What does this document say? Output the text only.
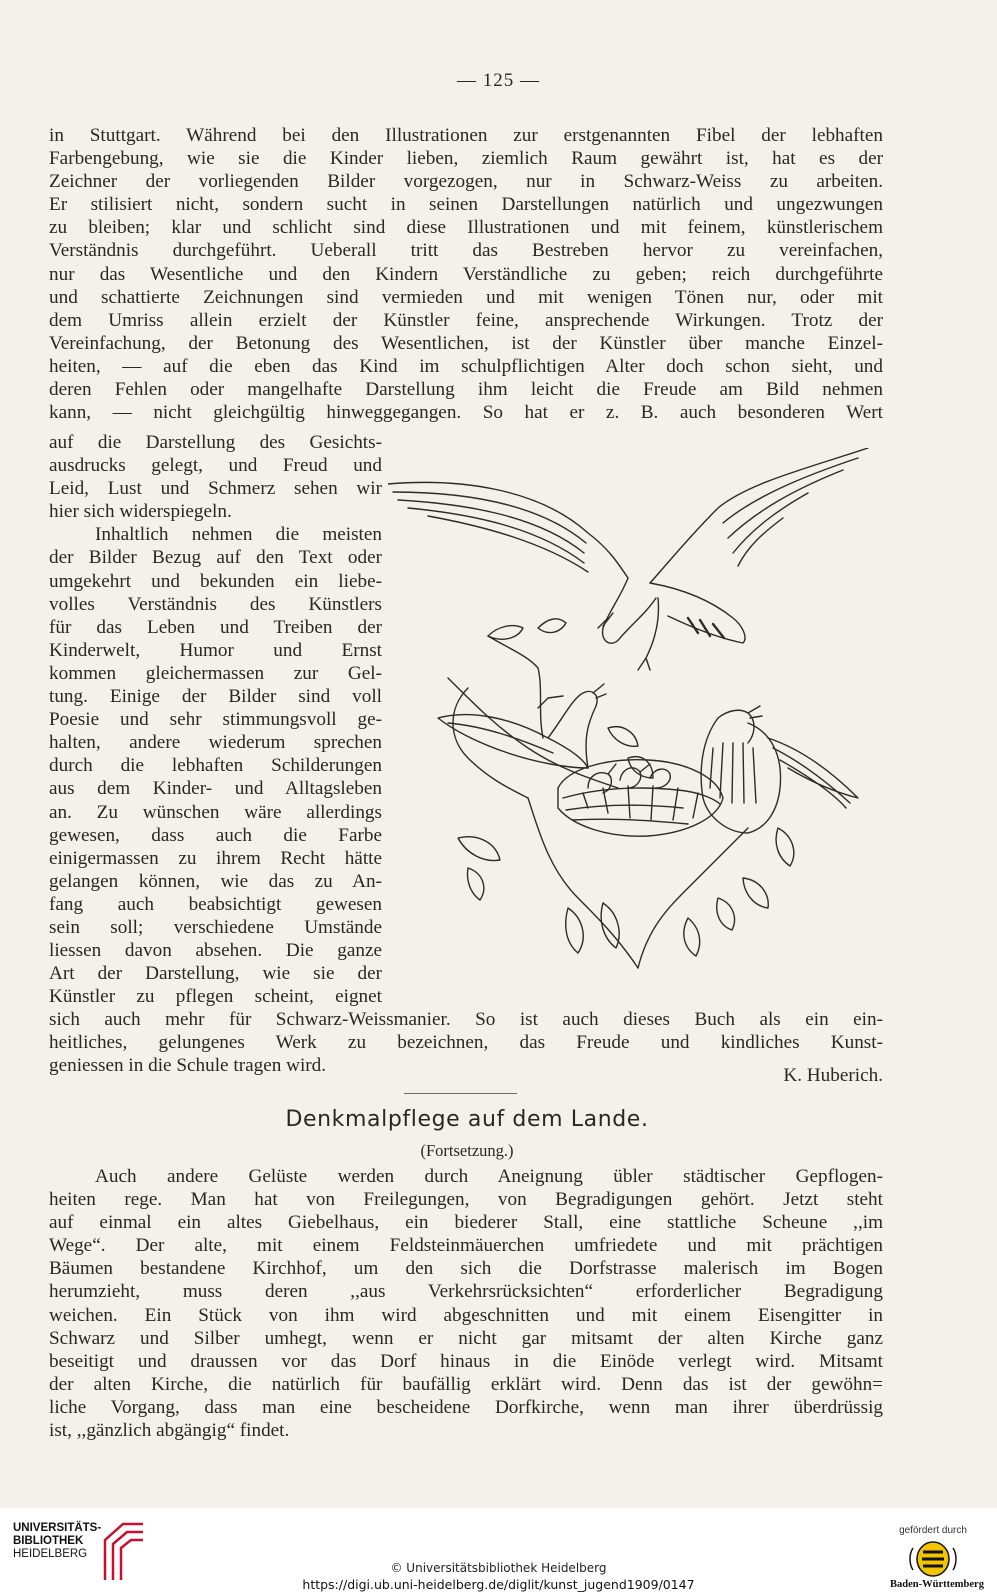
— 125 —
in Stuttgart. Während bei den Illustrationen zur erstgenannten Fibel der lebhaften
Farbengebung, wie sie die Kinder lieben, ziemlich Raum gewährt ist, hat es der
Zeichner der vorliegenden Bilder vorgezogen, nur in Schwarz-Weiss zu arbeiten.
Er stilisiert nicht, sondern sucht in seinen Darstellungen natürlich und ungezwungen
zu bleiben; klar und schlicht sind diese Illustrationen und mit feinem, künstlerischem
Verständnis durchgeführt. Ueberall tritt das Bestreben hervor zu vereinfachen,
nur das Wesentliche und den Kindern Verständliche zu geben; reich durchgeführte
und schattierte Zeichnungen sind vermieden und mit wenigen Tönen nur, oder mit
dem Umriss allein erzielt der Künstler feine, ansprechende Wirkungen. Trotz der
Vereinfachung, der Betonung des Wesentlichen, ist der Künstler über manche Einzel-
heiten, — auf die eben das Kind im schulpflichtigen Alter doch schon sieht, und
deren Fehlen oder mangelhafte Darstellung ihm leicht die Freude am Bild nehmen
kann, — nicht gleichgültig hinweggegangen. So hat er z. B. auch besonderen Wert
auf die Darstellung des Gesichts-
ausdrucks gelegt, und Freud und
Leid, Lust und Schmerz sehen wir
hier sich widerspiegeln.
Inhaltlich nehmen die meisten
der Bilder Bezug auf den Text oder
umgekehrt und bekunden ein liebe-
volles Verständnis des Künstlers
für das Leben und Treiben der
Kinderwelt, Humor und Ernst
kommen gleichermassen zur Gel-
tung. Einige der Bilder sind voll
Poesie und sehr stimmungsvoll ge-
halten, andere wiederum sprechen
durch die lebhaften Schilderungen
aus dem Kinder- und Alltagsleben
an. Zu wünschen wäre allerdings
gewesen, dass auch die Farbe
einigermassen zu ihrem Recht hätte
gelangen können, wie das zu An-
fang auch beabsichtigt gewesen
sein soll; verschiedene Umstände
liessen davon absehen. Die ganze
Art der Darstellung, wie sie der
Künstler zu pflegen scheint, eignet
sich auch mehr für Schwarz-Weissmanier. So ist auch dieses Buch als ein ein-
heitliches, gelungenes Werk zu bezeichnen, das Freude und kindliches Kunst-
geniessen in die Schule tragen wird.	K. Huberich.
Denkmalpflege auf dem Lande.
(Fortsetzung.)
Auch andere Gelüste werden durch Aneignung übler städtischer Gepflogen-
heiten rege. Man hat von Freilegungen, von Begradigungen gehört. Jetzt steht
auf einmal ein altes Giebelhaus, ein biederer Stall, eine stattliche Scheune ,,im
Wege“. Der alte, mit einem Feldsteinmäuerchen umfriedete und mit prächtigen
Bäumen bestandene Kirchhof, um den sich die Dorfstrasse malerisch im Bogen
herumzieht, muss deren ,,aus Verkehrsrücksichten“ erforderlicher Begradigung
weichen. Ein Stück von ihm wird abgeschnitten und mit einem Eisengitter in
Schwarz und Silber umhegt, wenn er nicht gar mitsamt der alten Kirche ganz
beseitigt und draussen vor das Dorf hinaus in die Einöde verlegt wird. Mitsamt
der alten Kirche, die natürlich für baufällig erklärt wird. Denn das ist der gewöhn=
liche Vorgang, dass man eine bescheidene Dorfkirche, wenn man ihrer überdrüssig
ist, ,,gänzlich abgängig“ findet.
UNIVERSITÄTS-
BIBLIOTHEK
HEIDELBERG
© Universitätsbibliothek Heidelberg
https://digi.ub.uni-heidelberg.de/diglit/kunst_jugend1909/0147
gefördert durch
Baden-Württemberg
